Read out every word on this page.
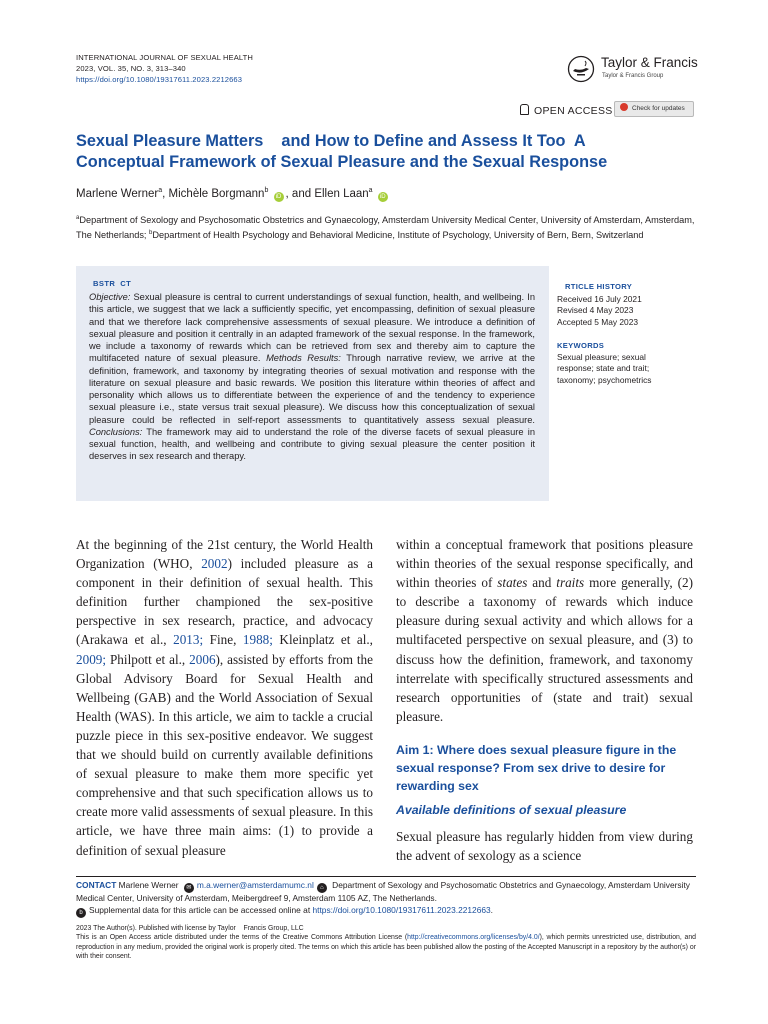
INTERNATIONAL JOURNAL OF SEXUAL HEALTH
2023, VOL. 35, NO. 3, 313–340
https://doi.org/10.1080/19317611.2023.2212663
Taylor & Francis
Taylor & Francis Group
OPEN ACCESS	Check for updates
Sexual Pleasure Matters    and How to Define and Assess It Too  A
Conceptual Framework of Sexual Pleasure and the Sexual Response
Marlene Werner$^a$, Michèle Borgmann$^b$ iD , and Ellen Laan$^a$ iD
$^a$Department of Sexology and Psychosomatic Obstetrics and Gynaecology, Amsterdam University Medical Center, University of Amsterdam, Amsterdam, The Netherlands; $^b$Department of Health Psychology and Behavioral Medicine, Institute of Psychology, University of Bern, Bern, Switzerland
BSTR  CT
Objective: Sexual pleasure is central to current understandings of sexual function, health, and wellbeing. In this article, we suggest that we lack a sufficiently specific, yet encompassing, definition of sexual pleasure and that we therefore lack comprehensive assessments of sexual pleasure. We introduce a definition of sexual pleasure and position it centrally in an adapted framework of the sexual response. In the framework, we include a taxonomy of rewards which can be retrieved from sex and thereby aim to capture the multifaceted nature of sexual pleasure. Methods Results: Through narrative review, we arrive at the definition, framework, and taxonomy by integrating theories of sexual motivation and response with the literature on sexual pleasure and basic rewards. We position this literature within theories of affect and personality which allows us to differentiate between the experience of and the tendency to experience sexual pleasure i.e., state versus trait sexual pleasure). We discuss how this conceptualization of sexual pleasure could be reflected in self-report assessments to quantitatively assess sexual pleasure. Conclusions: The framework may aid to understand the role of the diverse facets of sexual pleasure in sexual function, health, and wellbeing and contribute to giving sexual pleasure the center position it deserves in sex research and therapy.
RTICLE HISTORY
Received 16 July 2021
Revised 4 May 2023
Accepted 5 May 2023
KEYWORDS
Sexual pleasure; sexual response; state and trait; taxonomy; psychometrics
At the beginning of the 21st century, the World Health Organization (WHO, 2002) included pleasure as a component in their definition of sexual health. This definition further championed the sex-positive perspective in sex research, practice, and advocacy (Arakawa et al., 2013; Fine, 1988; Kleinplatz et al., 2009; Philpott et al., 2006), assisted by efforts from the Global Advisory Board for Sexual Health and Wellbeing (GAB) and the World Association of Sexual Health (WAS). In this article, we aim to tackle a crucial puzzle piece in this sex-positive endeavor. We suggest that we should build on currently available definitions of sexual pleasure to make them more specific yet comprehensive and that such specification allows us to create more valid assessments of sexual pleasure. In this article, we have three main aims: (1) to provide a definition of sexual pleasure
within a conceptual framework that positions pleasure within theories of the sexual response specifically, and within theories of states and traits more generally, (2) to describe a taxonomy of rewards which induce pleasure during sexual activity and which allows for a multifaceted perspective on sexual pleasure, and (3) to discuss how the definition, framework, and taxonomy interrelate with specifically structured assessments and research opportunities of (state and trait) sexual pleasure.
Aim 1: Where does sexual pleasure figure in the sexual response? From sex drive to desire for rewarding sex
Available definitions of sexual pleasure
Sexual pleasure has regularly hidden from view during the advent of sexology as a science
CONTACT Marlene Werner ✉ m.a.werner@amsterdamumc.nl ⌂ Department of Sexology and Psychosomatic Obstetrics and Gynaecology, Amsterdam University Medical Center, University of Amsterdam, Meibergdreef 9, Amsterdam 1105 AZ, The Netherlands.
b Supplemental data for this article can be accessed online at https://doi.org/10.1080/19317611.2023.2212663.
2023 The Author(s). Published with license by Taylor    Francis Group, LLC
This is an Open Access article distributed under the terms of the Creative Commons Attribution License (http://creativecommons.org/licenses/by/4.0/), which permits unrestricted use, distribution, and reproduction in any medium, provided the original work is properly cited. The terms on which this article has been published allow the posting of the Accepted Manuscript in a repository by the author(s) or with their consent.
